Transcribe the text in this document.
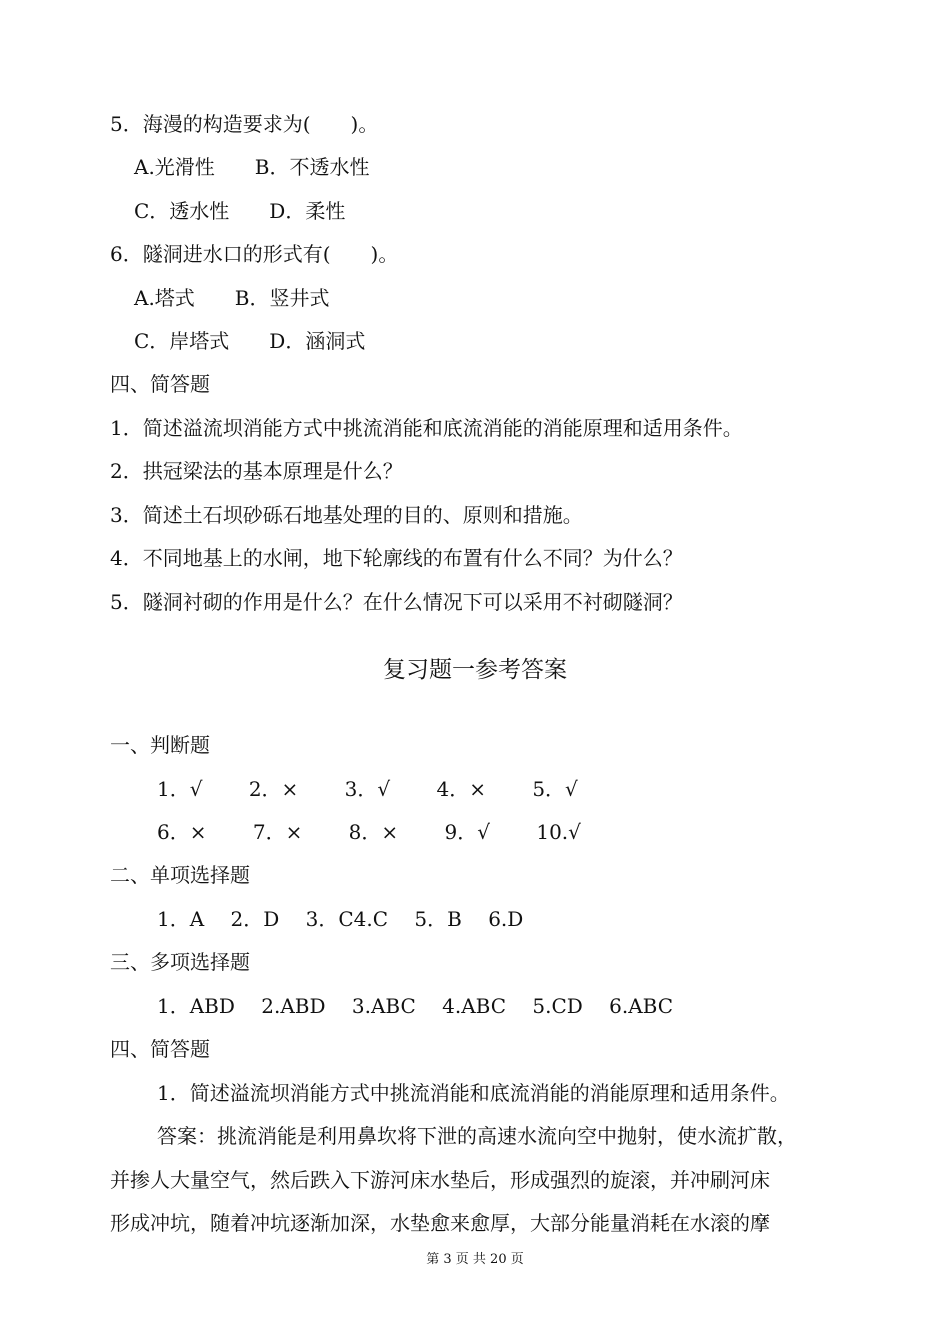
5．海漫的构造要求为(　　)。

A.光滑性　　B．不透水性

C．透水性　　D．柔性

6．隧洞进水口的形式有(　　)。

A.塔式　　B．竖井式

C．岸塔式　　D．涵洞式

四、简答题

1．简述溢流坝消能方式中挑流消能和底流消能的消能原理和适用条件。

2．拱冠梁法的基本原理是什么？

3．简述土石坝砂砾石地基处理的目的、原则和措施。

4．不同地基上的水闸，地下轮廓线的布置有什么不同？为什么？

5．隧洞衬砌的作用是什么？在什么情况下可以采用不衬砌隧洞？

复习题一参考答案

一、判断题

1．√　　 2．×　　 3．√　　 4．×　　 5．√

6．×　　 7．×　　 8．×　　 9．√　　 10.√

二、单项选择题

1．A　 2．D　 3．C4.C　 5．B　 6.D

三、多项选择题

1．ABD　 2.ABD　 3.ABC　 4.ABC　 5.CD　 6.ABC

四、简答题

1．简述溢流坝消能方式中挑流消能和底流消能的消能原理和适用条件。

答案：挑流消能是利用鼻坎将下泄的高速水流向空中抛射，使水流扩散，

并掺人大量空气，然后跌入下游河床水垫后，形成强烈的旋滚，并冲刷河床

形成冲坑，随着冲坑逐渐加深，水垫愈来愈厚，大部分能量消耗在水滚的摩

第 3 页 共 20 页
